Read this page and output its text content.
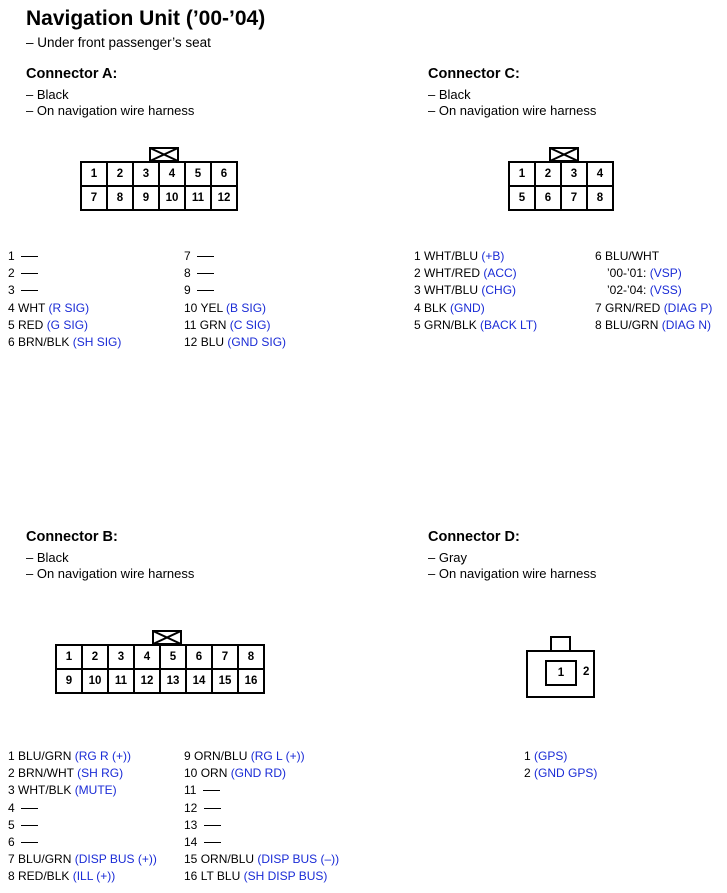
Navigation Unit (’00-’04)
– Under front passenger’s seat
Connector A:
– Black
– On navigation wire harness
1	2	3	4	5	6
7	8	9	10	11	12
1
2
3
4 WHT (R SIG)
5 RED (G SIG)
6 BRN/BLK (SH SIG)
7
8
9
10 YEL (B SIG)
11 GRN (C SIG)
12 BLU (GND SIG)
Connector C:
– Black
– On navigation wire harness
1	2	3	4
5	6	7	8
1 WHT/BLU (+B)
2 WHT/RED (ACC)
3 WHT/BLU (CHG)
4 BLK (GND)
5 GRN/BLK (BACK LT)
6 BLU/WHT
’00-’01: (VSP)
’02-’04: (VSS)
7 GRN/RED (DIAG P)
8 BLU/GRN (DIAG N)
Connector B:
– Black
– On navigation wire harness
1	2	3	4	5	6	7	8
9	10	11	12	13	14	15	16
1 BLU/GRN (RG R (+))
2 BRN/WHT (SH RG)
3 WHT/BLK (MUTE)
4
5
6
7 BLU/GRN (DISP BUS (+))
8 RED/BLK (ILL (+))
9 ORN/BLU (RG L (+))
10 ORN (GND RD)
11
12
13
14
15 ORN/BLU (DISP BUS (–))
16 LT BLU (SH DISP BUS)
Connector D:
– Gray
– On navigation wire harness
1	2
1 (GPS)
2 (GND GPS)
